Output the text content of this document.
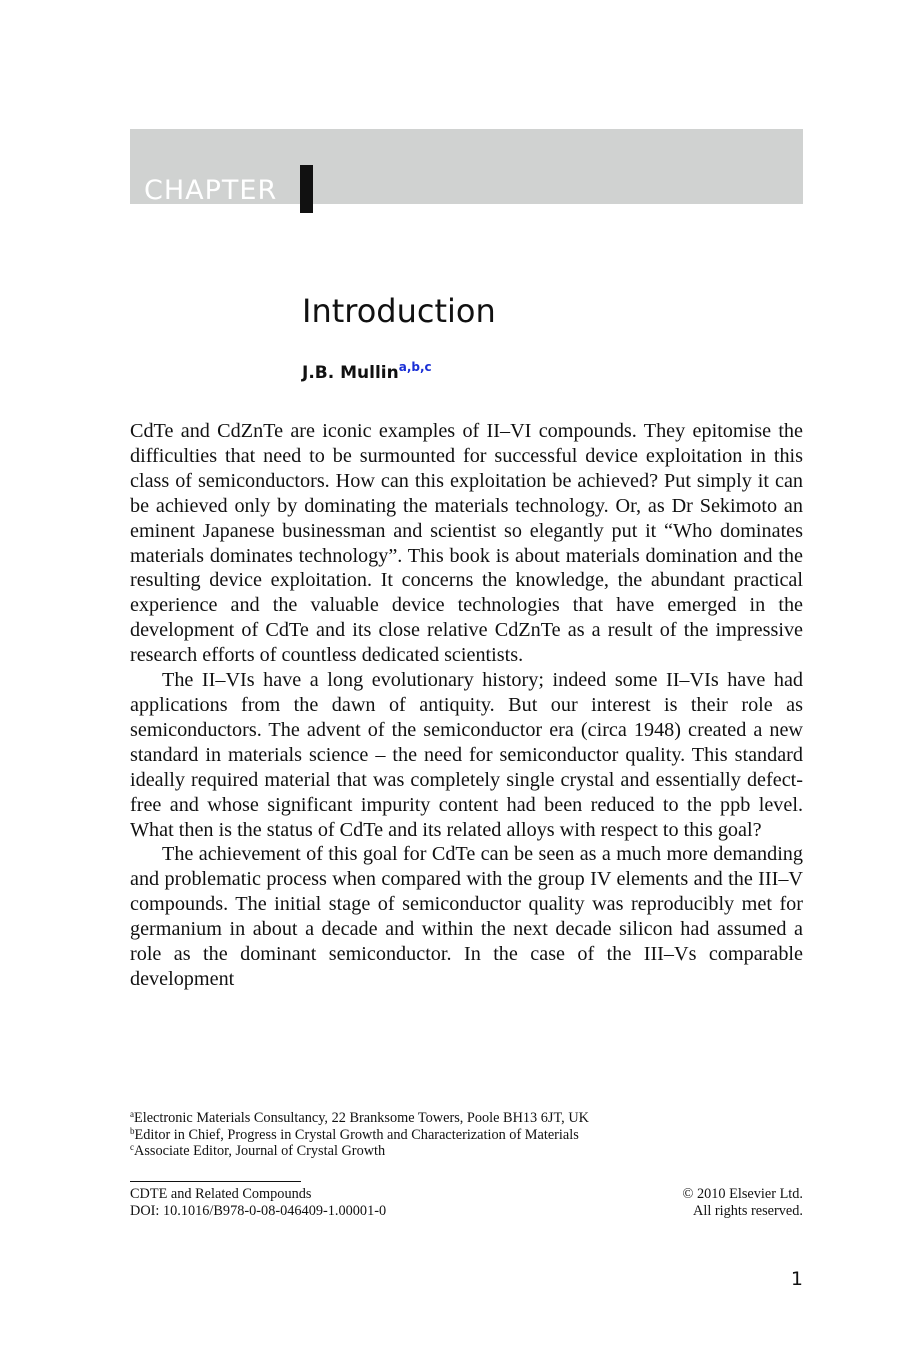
CHAPTER
Introduction
J.B. Mullin$^{a,b,c}$

CdTe and CdZnTe are iconic examples of II–VI compounds. They epitomise the difficulties that need to be surmounted for successful device exploitation in this class of semiconductors. How can this exploitation be achieved? Put simply it can be achieved only by dominating the materials technology. Or, as Dr Sekimoto an eminent Japanese businessman and scientist so elegantly put it “Who dominates materials dominates technology”. This book is about materials domination and the resulting device exploitation. It concerns the knowledge, the abundant practical experience and the valuable device technologies that have emerged in the development of CdTe and its close relative CdZnTe as a result of the impressive research efforts of countless dedicated scientists.

The II–VIs have a long evolutionary history; indeed some II–VIs have had applications from the dawn of antiquity. But our interest is their role as semiconductors. The advent of the semiconductor era (circa 1948) created a new standard in materials science – the need for semiconductor quality. This standard ideally required material that was completely single crystal and essentially defect-free and whose significant impurity content had been reduced to the ppb level. What then is the status of CdTe and its related alloys with respect to this goal?

The achievement of this goal for CdTe can be seen as a much more demanding and problematic process when compared with the group IV elements and the III–V compounds. The initial stage of semiconductor quality was reproducibly met for germanium in about a decade and within the next decade silicon had assumed a role as the dominant semiconductor. In the case of the III–Vs comparable development

$^a$Electronic Materials Consultancy, 22 Branksome Towers, Poole BH13 6JT, UK
$^b$Editor in Chief, Progress in Crystal Growth and Characterization of Materials
$^c$Associate Editor, Journal of Crystal Growth
CDTE and Related Compounds
DOI: 10.1016/B978-0-08-046409-1.00001-0
© 2010 Elsevier Ltd.
All rights reserved.
1
